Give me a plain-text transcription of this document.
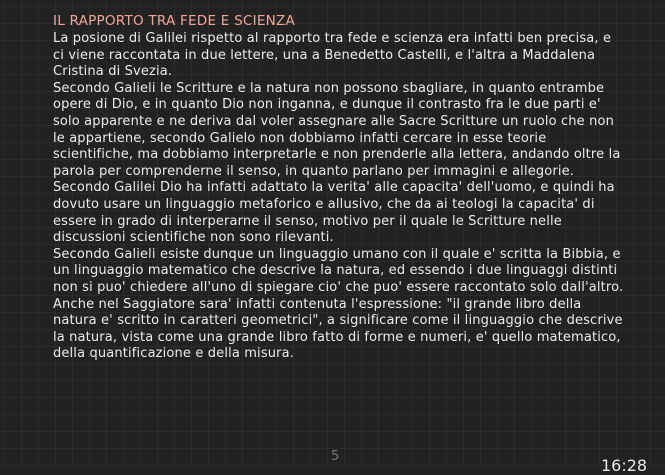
IL RAPPORTO TRA FEDE E SCIENZA

La posione di Galilei rispetto al rapporto tra fede e scienza era infatti ben precisa, e ci viene raccontata in due lettere, una a Benedetto Castelli, e l'altra a Maddalena Cristina di Svezia.

Secondo Galieli le Scritture e la natura non possono sbagliare, in quanto entrambe opere di Dio, e in quanto Dio non inganna, e dunque il contrasto fra le due parti e' solo apparente e ne deriva dal voler assegnare alle Sacre Scritture un ruolo che non le appartiene, secondo Galielo non dobbiamo infatti cercare in esse teorie scientifiche, ma dobbiamo interpretarle e non prenderle alla lettera, andando oltre la parola per comprenderne il senso, in quanto parlano per immagini e allegorie. Secondo Galilei Dio ha infatti adattato la verita' alle capacita' dell'uomo, e quindi ha dovuto usare un linguaggio metaforico e allusivo, che da ai teologi la capacita' di essere in grado di interperarne il senso, motivo per il quale le Scritture nelle discussioni scientifiche non sono rilevanti.

Secondo Galieli esiste dunque un linguaggio umano con il quale e' scritta la Bibbia, e un linguaggio matematico che descrive la natura, ed essendo i due linguaggi distinti non si puo' chiedere all'uno di spiegare cio' che puo' essere raccontato solo dall'altro.

Anche nel Saggiatore sara' infatti contenuta l'espressione: "il grande libro della natura e' scritto in caratteri geometrici", a significare come il linguaggio che descrive la natura, vista come una grande libro fatto di forme e numeri, e' quello matematico, della quantificazione e della misura.

5	16:28
